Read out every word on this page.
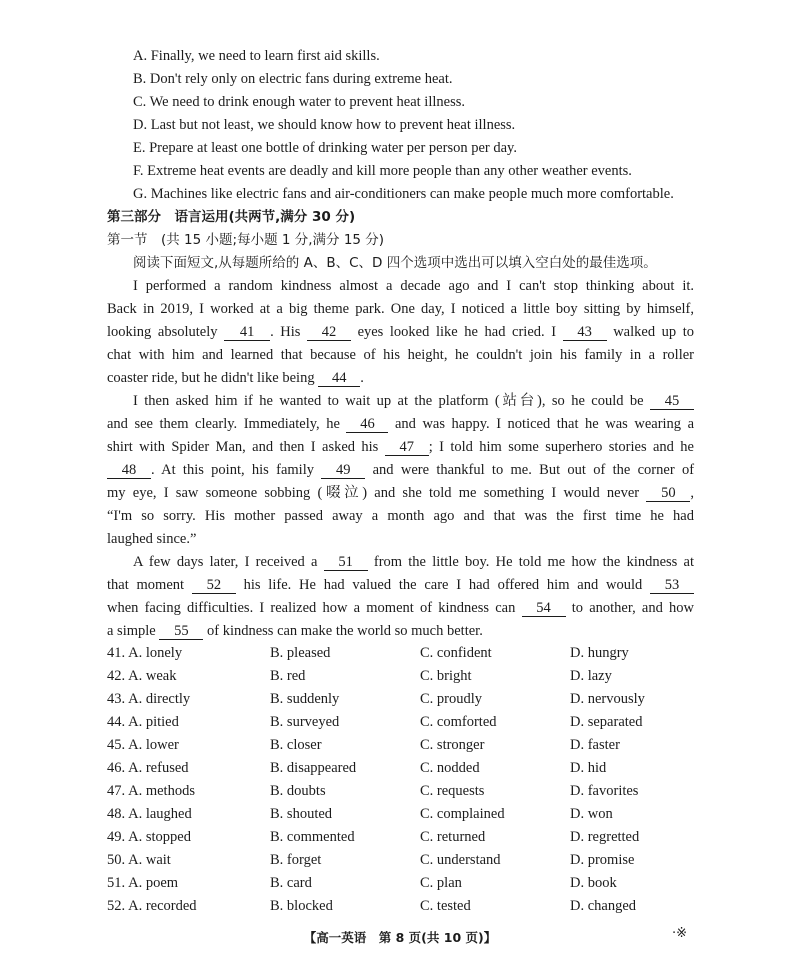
A. Finally, we need to learn first aid skills.
B. Don't rely only on electric fans during extreme heat.
C. We need to drink enough water to prevent heat illness.
D. Last but not least, we should know how to prevent heat illness.
E. Prepare at least one bottle of drinking water per person per day.
F. Extreme heat events are deadly and kill more people than any other weather events.
G. Machines like electric fans and air-conditioners can make people much more comfortable.
第三部分　语言运用(共两节,满分 30 分)
第一节　(共 15 小题;每小题 1 分,满分 15 分)
阅读下面短文,从每题所给的 A、B、C、D 四个选项中选出可以填入空白处的最佳选项。
I performed a random kindness almost a decade ago and I can't stop thinking about it.
Back in 2019, I worked at a big theme park. One day, I noticed a little boy sitting by himself,
looking absolutely 41 . His 42 eyes looked like he had cried. I 43 walked up to
chat with him and learned that because of his height, he couldn't join his family in a roller
coaster ride, but he didn't like being 44 .
I then asked him if he wanted to wait up at the platform (站台), so he could be 45
and see them clearly. Immediately, he 46 and was happy. I noticed that he was wearing a
shirt with Spider Man, and then I asked his 47 ; I told him some superhero stories and he
48 . At this point, his family 49 and were thankful to me. But out of the corner of
my eye, I saw someone sobbing (啜泣) and she told me something I would never 50 ,
“I'm so sorry. His mother passed away a month ago and that was the first time he had
laughed since.”
A few days later, I received a 51 from the little boy. He told me how the kindness at
that moment 52 his life. He had valued the care I had offered him and would 53
when facing difficulties. I realized how a moment of kindness can 54 to another, and how
a simple 55 of kindness can make the world so much better.
41. A. lonely	B. pleased	C. confident	D. hungry
42. A. weak	B. red	C. bright	D. lazy
43. A. directly	B. suddenly	C. proudly	D. nervously
44. A. pitied	B. surveyed	C. comforted	D. separated
45. A. lower	B. closer	C. stronger	D. faster
46. A. refused	B. disappeared	C. nodded	D. hid
47. A. methods	B. doubts	C. requests	D. favorites
48. A. laughed	B. shouted	C. complained	D. won
49. A. stopped	B. commented	C. returned	D. regretted
50. A. wait	B. forget	C. understand	D. promise
51. A. poem	B. card	C. plan	D. book
52. A. recorded	B. blocked	C. tested	D. changed
【高一英语　第 8 页(共 10 页)】	·※
